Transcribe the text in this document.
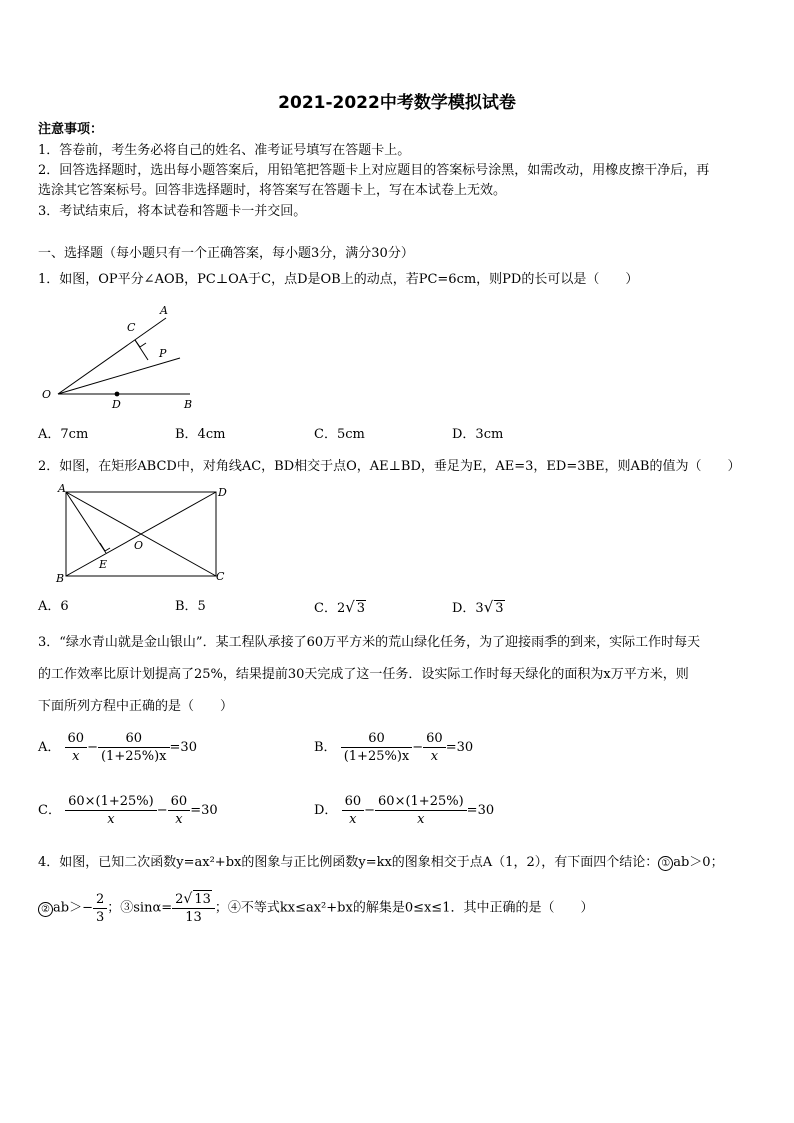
2021-2022中考数学模拟试卷
注意事项：
1．答卷前，考生务必将自己的姓名、准考证号填写在答题卡上。
2．回答选择题时，选出每小题答案后，用铅笔把答题卡上对应题目的答案标号涂黑，如需改动，用橡皮擦干净后，再
选涂其它答案标号。回答非选择题时，将答案写在答题卡上，写在本试卷上无效。
3．考试结束后，将本试卷和答题卡一并交回。
一、选择题（每小题只有一个正确答案，每小题3分，满分30分）
1．如图，OP平分∠AOB，PC⊥OA于C，点D是OB上的动点，若PC=6cm，则PD的长可以是（　　）
A
C
P
O
D	B
A．7cm	B．4cm	C．5cm	D．3cm
2．如图，在矩形ABCD中，对角线AC，BD相交于点O，AE⊥BD，垂足为E，AE=3，ED=3BE，则AB的值为（　　）
A	D
O
E
B	C
A．6	B．5	C．2√ 3	D．3√ 3
3．“绿水青山就是金山银山”．某工程队承接了60万平方米的荒山绿化任务，为了迎接雨季的到来，实际工作时每天
的工作效率比原计划提高了25%，结果提前30天完成了这一任务．设实际工作时每天绿化的面积为x万平方米，则
下面所列方程中正确的是（　　）
A． $\frac{60}{x} - \frac{60}{(1+25\%)x} =30$	B． $\frac{60}{(1+25\%)x} - \frac{60}{x} =30$
C． $\frac{60\times(1+25\%)}{x} - \frac{60}{x} =30$	D． $\frac{60}{x} - \frac{60\times(1+25\%)}{x} =30$
4．如图，已知二次函数y=ax²+bx的图象与正比例函数y=kx的图象相交于点A（1，2），有下面四个结论： ① ab＞0；
② $ab>- \frac{2}{3}$ ；③sinα= $\frac{2√ 13}{13}$ ；④不等式kx≤ax²+bx的解集是0≤x≤1．其中正确的是（　　）
